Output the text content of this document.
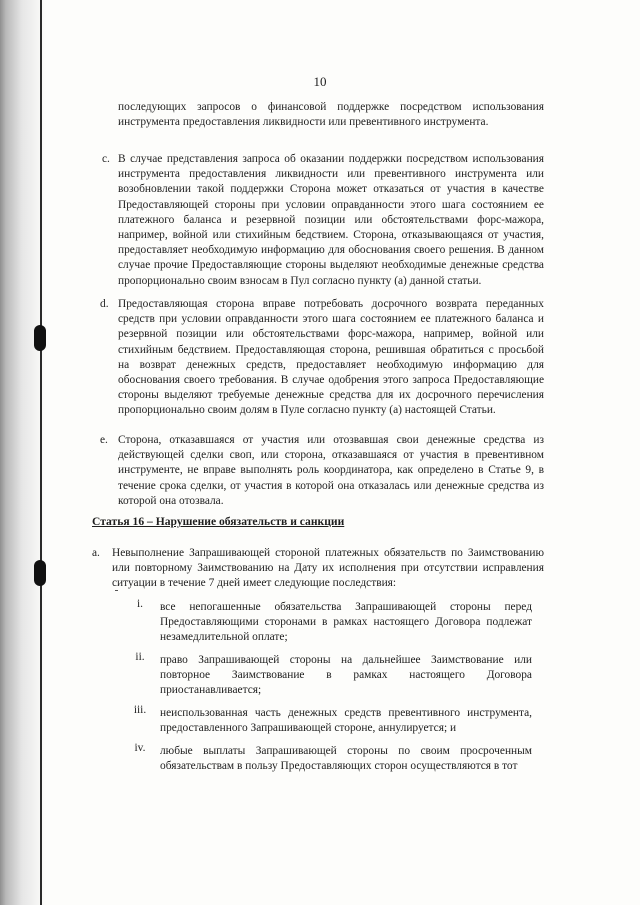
10
последующих запросов о финансовой поддержке посредством использования инструмента предоставления ликвидности или превентивного инструмента.
c. В случае представления запроса об оказании поддержки посредством использования инструмента предоставления ликвидности или превентивного инструмента или возобновлении такой поддержки Сторона может отказаться от участия в качестве Предоставляющей стороны при условии оправданности этого шага состоянием ее платежного баланса и резервной позиции или обстоятельствами форс-мажора, например, войной или стихийным бедствием. Сторона, отказывающаяся от участия, предоставляет необходимую информацию для обоснования своего решения. В данном случае прочие Предоставляющие стороны выделяют необходимые денежные средства пропорционально своим взносам в Пул согласно пункту (a) данной статьи.
d. Предоставляющая сторона вправе потребовать досрочного возврата переданных средств при условии оправданности этого шага состоянием ее платежного баланса и резервной позиции или обстоятельствами форс-мажора, например, войной или стихийным бедствием. Предоставляющая сторона, решившая обратиться с просьбой на возврат денежных средств, предоставляет необходимую информацию для обоснования своего требования. В случае одобрения этого запроса Предоставляющие стороны выделяют требуемые денежные средства для их досрочного перечисления пропорционально своим долям в Пуле согласно пункту (a) настоящей Статьи.
e. Сторона, отказавшаяся от участия или отозвавшая свои денежные средства из действующей сделки своп, или сторона, отказавшаяся от участия в превентивном инструменте, не вправе выполнять роль координатора, как определено в Статье 9, в течение срока сделки, от участия в которой она отказалась или денежные средства из которой она отозвала.
Статья 16 – Нарушение обязательств и санкции
a. Невыполнение Запрашивающей стороной платежных обязательств по Заимствованию или повторному Заимствованию на Дату их исполнения при отсутствии исправления ситуации в течение 7 дней имеет следующие последствия:
i.	все непогашенные обязательства Запрашивающей стороны перед Предоставляющими сторонами в рамках настоящего Договора подлежат незамедлительной оплате;
ii.	право Запрашивающей стороны на дальнейшее Заимствование или повторное Заимствование в рамках настоящего Договора приостанавливается;
iii.	неиспользованная часть денежных средств превентивного инструмента, предоставленного Запрашивающей стороне, аннулируется; и
iv.	любые выплаты Запрашивающей стороны по своим просроченным обязательствам в пользу Предоставляющих сторон осуществляются в тот
